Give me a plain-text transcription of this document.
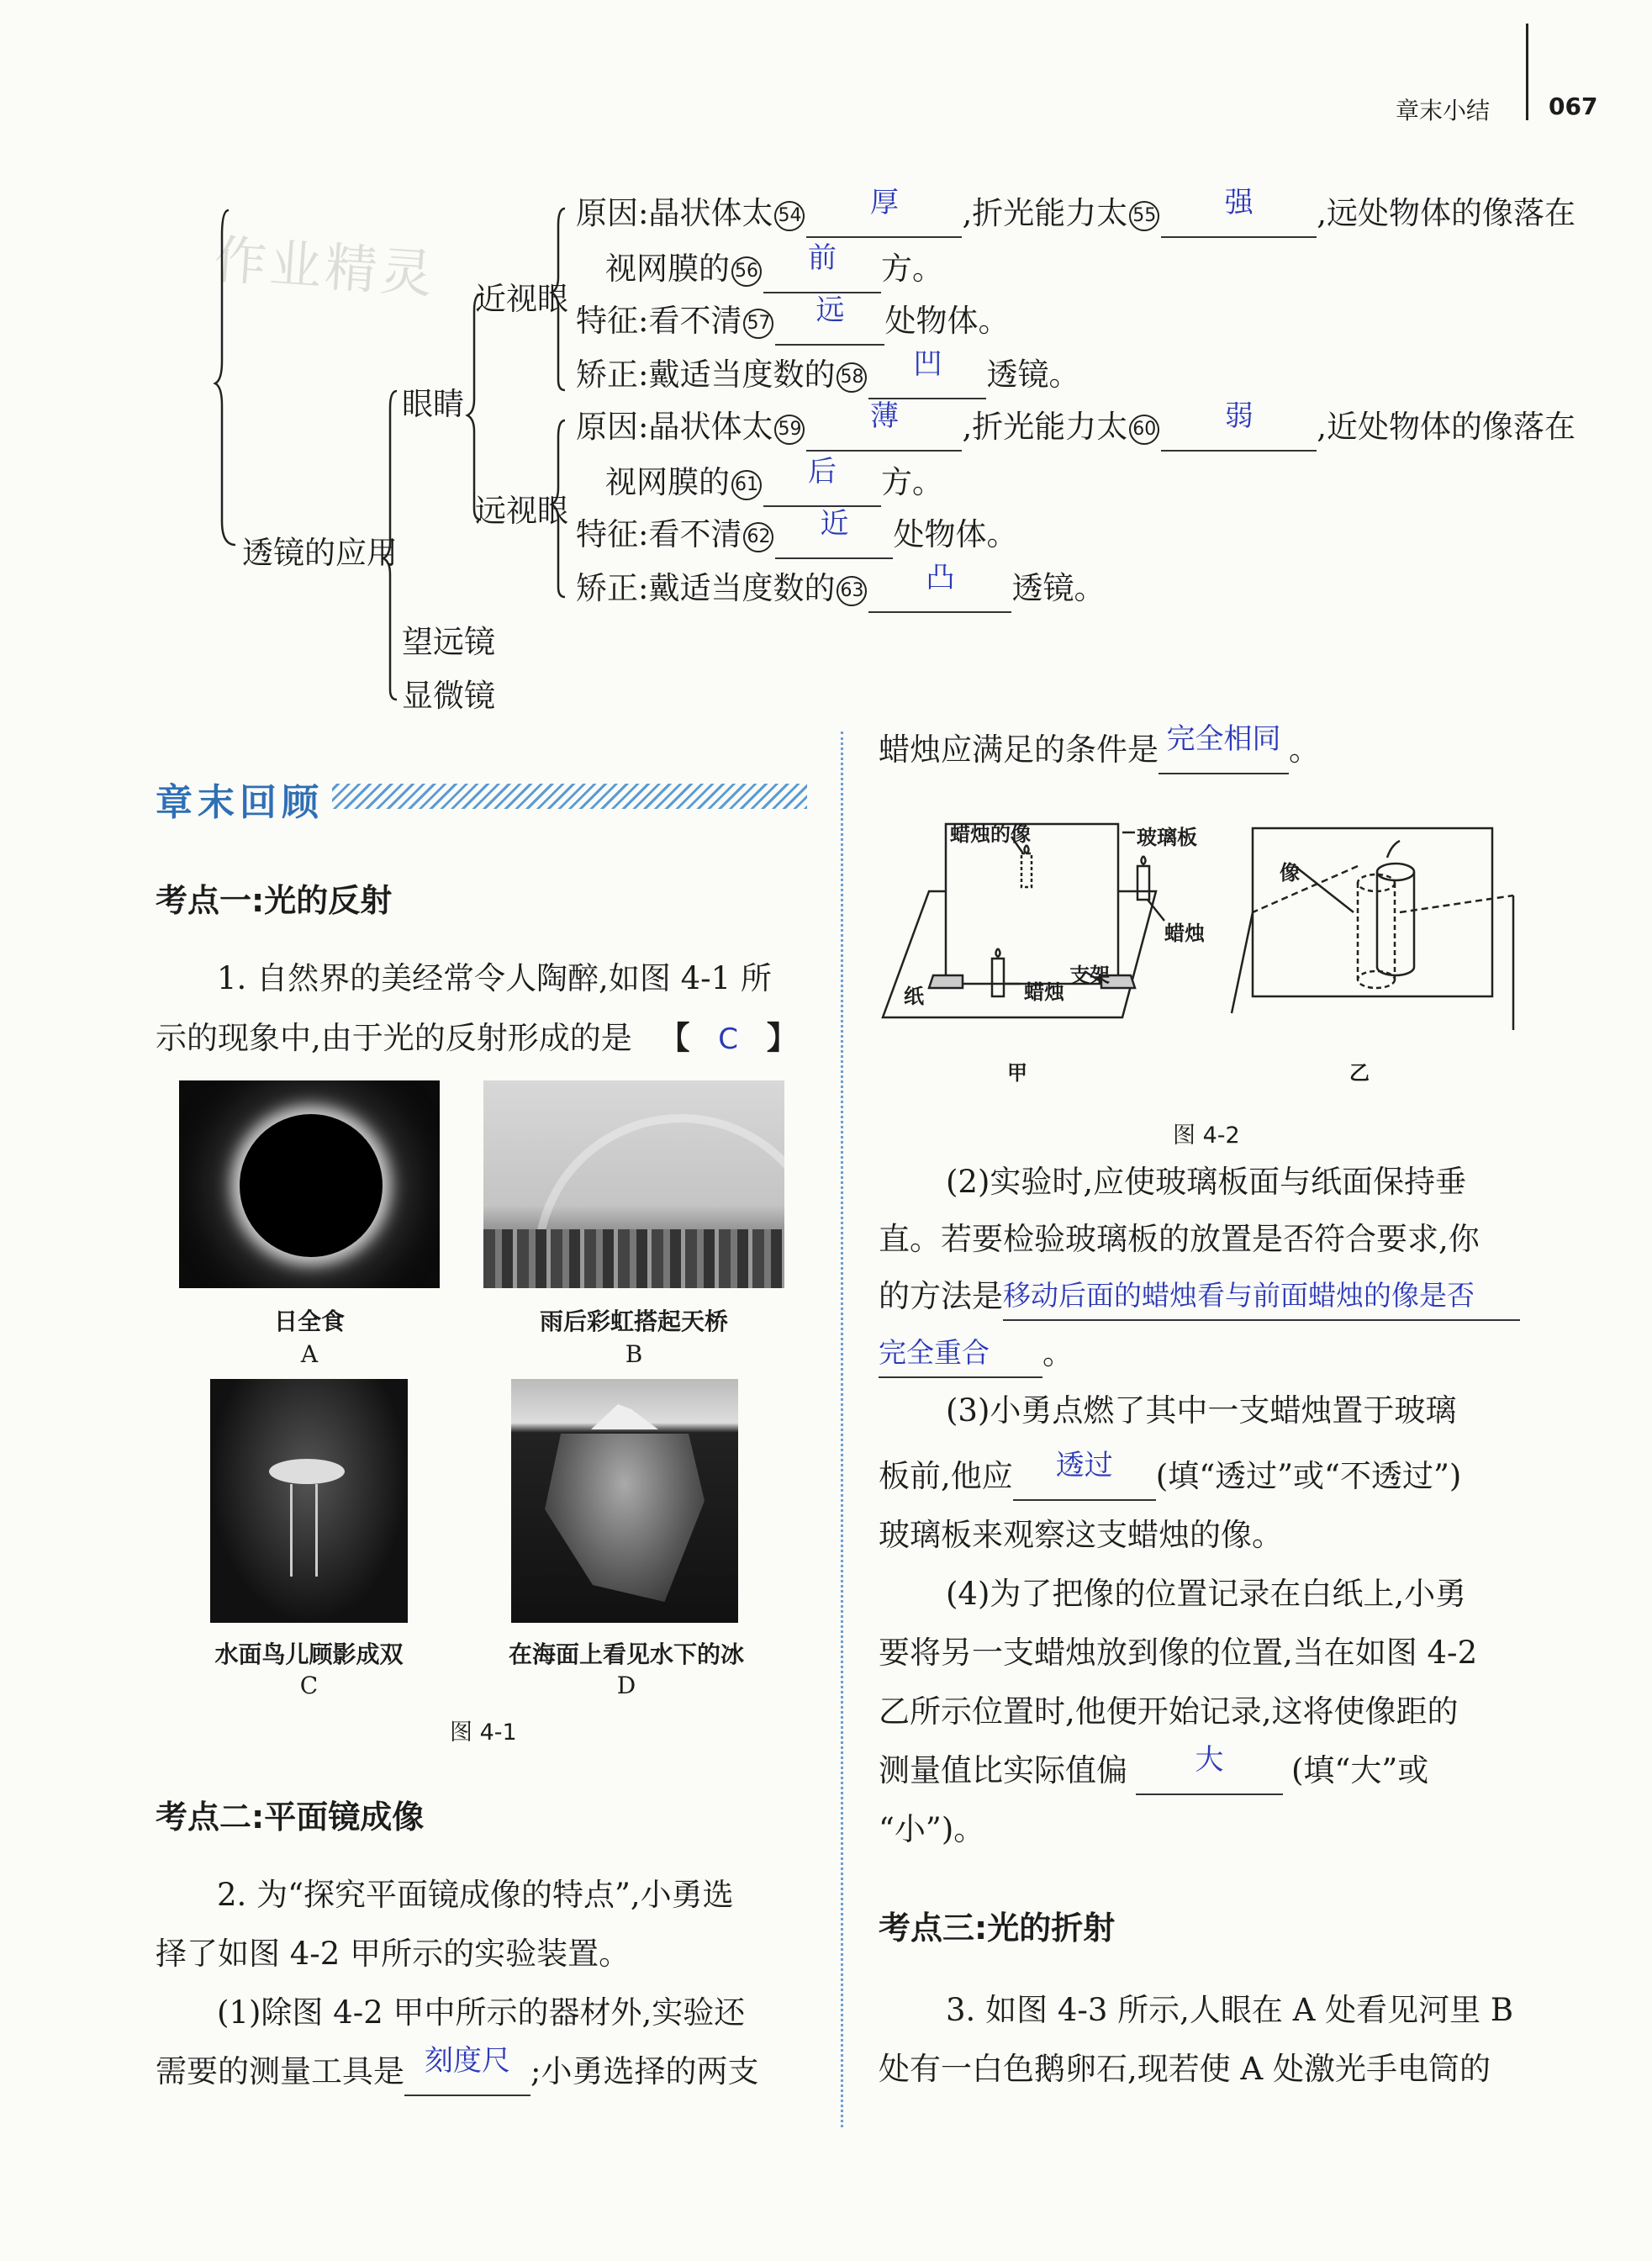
章末小结 067
作业精灵
透镜的应用
眼睛
近视眼
远视眼
望远镜
显微镜
原因:晶状体太 54 厚 ,折光能力太 55 强 ,远处物体的像落在
视网膜的 56 前 方。
特征:看不清 57 远 处物体。
矫正:戴适当度数的 58 凹 透镜。
原因:晶状体太 59 薄 ,折光能力太 60 弱 ,近处物体的像落在
视网膜的 61 后 方。
特征:看不清 62 近 处物体。
矫正:戴适当度数的 63 凸 透镜。
章末回顾
考点一:光的反射
1. 自然界的美经常令人陶醉,如图 4-1 所
示的现象中,由于光的反射形成的是 【 C 】
日全食
A
雨后彩虹搭起天桥
B
水面鸟儿顾影成双
C
在海面上看见水下的冰
D
图 4-1
考点二:平面镜成像
2. 为“探究平面镜成像的特点”,小勇选
择了如图 4-2 甲所示的实验装置。
(1)除图 4-2 甲中所示的器材外,实验还
需要的测量工具是 刻度尺 ;小勇选择的两支
蜡烛应满足的条件是 完全相同 。
蜡烛的像	玻璃板
蜡烛
支架
纸	蜡烛
甲
像
乙
图 4-2
(2)实验时,应使玻璃板面与纸面保持垂
直。若要检验玻璃板的放置是否符合要求,你
的方法是移动后面的蜡烛看与前面蜡烛的像是否
完全重合 。
(3)小勇点燃了其中一支蜡烛置于玻璃
板前,他应 透过 (填“透过”或“不透过”)
玻璃板来观察这支蜡烛的像。
(4)为了把像的位置记录在白纸上,小勇
要将另一支蜡烛放到像的位置,当在如图 4-2
乙所示位置时,他便开始记录,这将使像距的
测量值比实际值偏 大 (填“大”或
“小”)。
考点三:光的折射
3. 如图 4-3 所示,人眼在 A 处看见河里 B
处有一白色鹅卵石,现若使 A 处激光手电筒的
